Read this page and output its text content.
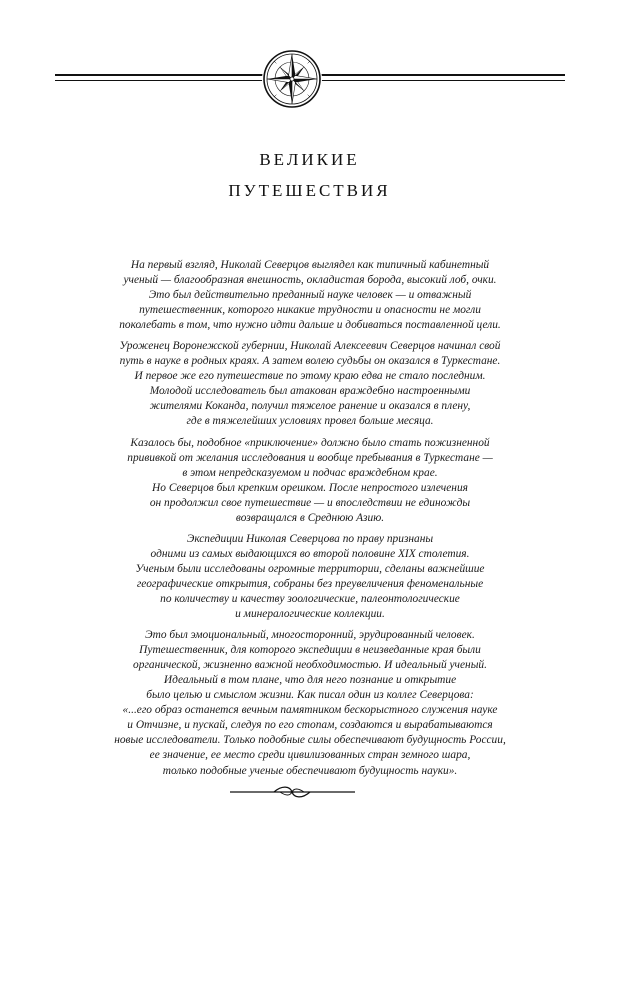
ВЕЛИКИЕ
ПУТЕШЕСТВИЯ
На первый взгляд, Николай Северцов выглядел как типичный кабинетный
ученый — благообразная внешность, окладистая борода, высокий лоб, очки.
Это был действительно преданный науке человек — и отважный
путешественник, которого никакие трудности и опасности не могли
поколебать в том, что нужно идти дальше и добиваться поставленной цели.
Уроженец Воронежской губернии, Николай Алексеевич Северцов начинал свой
путь в науке в родных краях. А затем волею судьбы он оказался в Туркестане.
И первое же его путешествие по этому краю едва не стало последним.
Молодой исследователь был атакован враждебно настроенными
жителями Коканда, получил тяжелое ранение и оказался в плену,
где в тяжелейших условиях провел больше месяца.
Казалось бы, подобное «приключение» должно было стать пожизненной
прививкой от желания исследования и вообще пребывания в Туркестане —
в этом непредсказуемом и подчас враждебном крае.
Но Северцов был крепким орешком. После непростого излечения
он продолжил свое путешествие — и впоследствии не единожды
возвращался в Среднюю Азию.
Экспедиции Николая Северцова по праву признаны
одними из самых выдающихся во второй половине XIX столетия.
Ученым были исследованы огромные территории, сделаны важнейшие
географические открытия, собраны без преувеличения феноменальные
по количеству и качеству зоологические, палеонтологические
и минералогические коллекции.
Это был эмоциональный, многосторонний, эрудированный человек.
Путешественник, для которого экспедиции в неизведанные края были
органической, жизненно важной необходимостью. И идеальный ученый.
Идеальный в том плане, что для него познание и открытие
было целью и смыслом жизни. Как писал один из коллег Северцова:
«...его образ останется вечным памятником бескорыстного служения науке
и Отчизне, и пускай, следуя по его стопам, создаются и вырабатываются
новые исследователи. Только подобные силы обеспечивают будущность России,
ее значение, ее место среди цивилизованных стран земного шара,
только подобные ученые обеспечивают будущность науки».
